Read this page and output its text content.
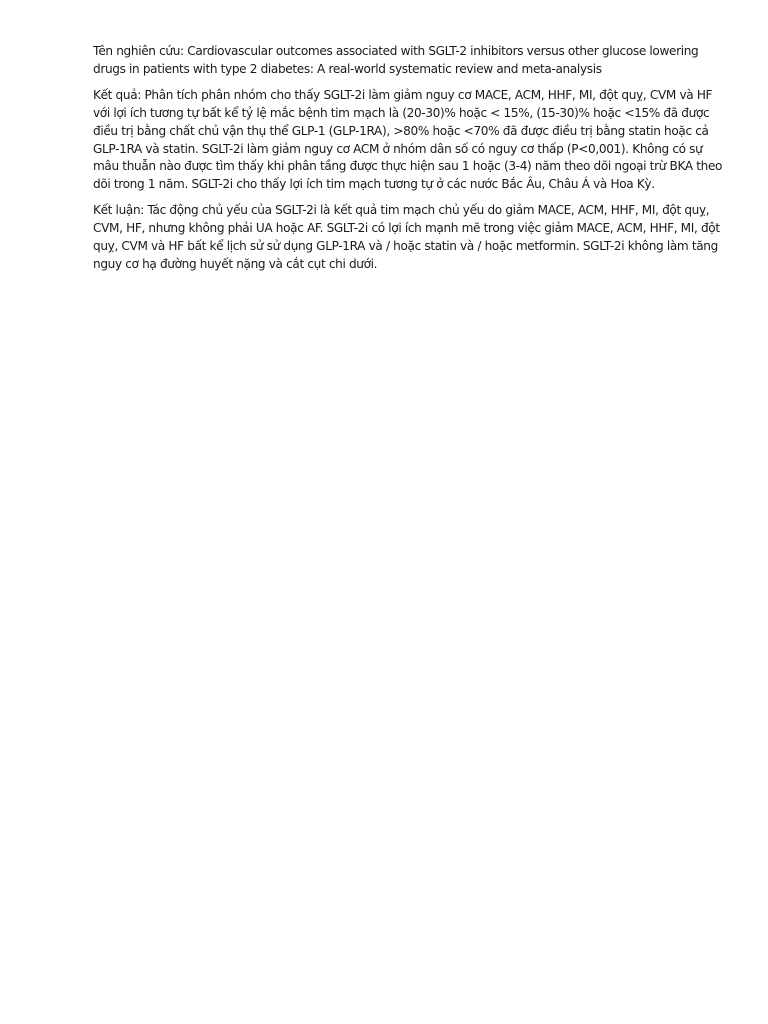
Tên nghiên cứu: Cardiovascular outcomes associated with SGLT-2 inhibitors versus other glucose lowering drugs in patients with type 2 diabetes: A real-world systematic review and meta-analysis

Kết quả: Phân tích phân nhóm cho thấy SGLT-2i làm giảm nguy cơ MACE, ACM, HHF, MI, đột quỵ, CVM và HF với lợi ích tương tự bất kể tỷ lệ mắc bệnh tim mạch là (20-30)% hoặc < 15%, (15-30)% hoặc <15% đã được điều trị bằng chất chủ vận thụ thể GLP-1 (GLP-1RA), >80% hoặc <70% đã được điều trị bằng statin hoặc cả GLP-1RA và statin. SGLT-2i làm giảm nguy cơ ACM ở nhóm dân số có nguy cơ thấp (P<0,001). Không có sự mâu thuẫn nào được tìm thấy khi phân tầng được thực hiện sau 1 hoặc (3-4) năm theo dõi ngoại trừ BKA theo dõi trong 1 năm. SGLT-2i cho thấy lợi ích tim mạch tương tự ở các nước Bắc Âu, Châu Á và Hoa Kỳ.

Kết luận: Tác động chủ yếu của SGLT-2i là kết quả tim mạch chủ yếu do giảm MACE, ACM, HHF, MI, đột quỵ, CVM, HF, nhưng không phải UA hoặc AF. SGLT-2i có lợi ích mạnh mẽ trong việc giảm MACE, ACM, HHF, MI, đột quỵ, CVM và HF bất kể lịch sử sử dụng GLP-1RA và / hoặc statin và / hoặc metformin. SGLT-2i không làm tăng nguy cơ hạ đường huyết nặng và cắt cụt chi dưới.
